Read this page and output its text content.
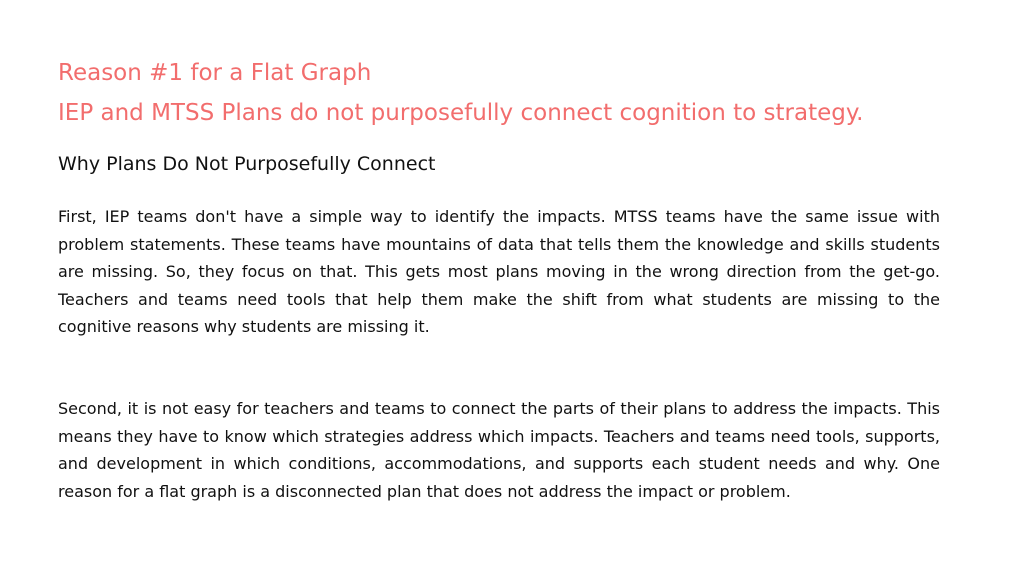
Reason #1 for a Flat Graph
IEP and MTSS Plans do not purposefully connect cognition to strategy.
Why Plans Do Not Purposefully Connect

First, IEP teams don't have a simple way to identify the impacts. MTSS teams have the same issue with problem statements. These teams have mountains of data that tells them the knowledge and skills students are missing. So, they focus on that. This gets most plans moving in the wrong direction from the get-go. Teachers and teams need tools that help them make the shift from what students are missing to the cognitive reasons why students are missing it.

Second, it is not easy for teachers and teams to connect the parts of their plans to address the impacts. This means they have to know which strategies address which impacts. Teachers and teams need tools, supports, and development in which conditions, accommodations, and supports each student needs and why. One reason for a flat graph is a disconnected plan that does not address the impact or problem.
